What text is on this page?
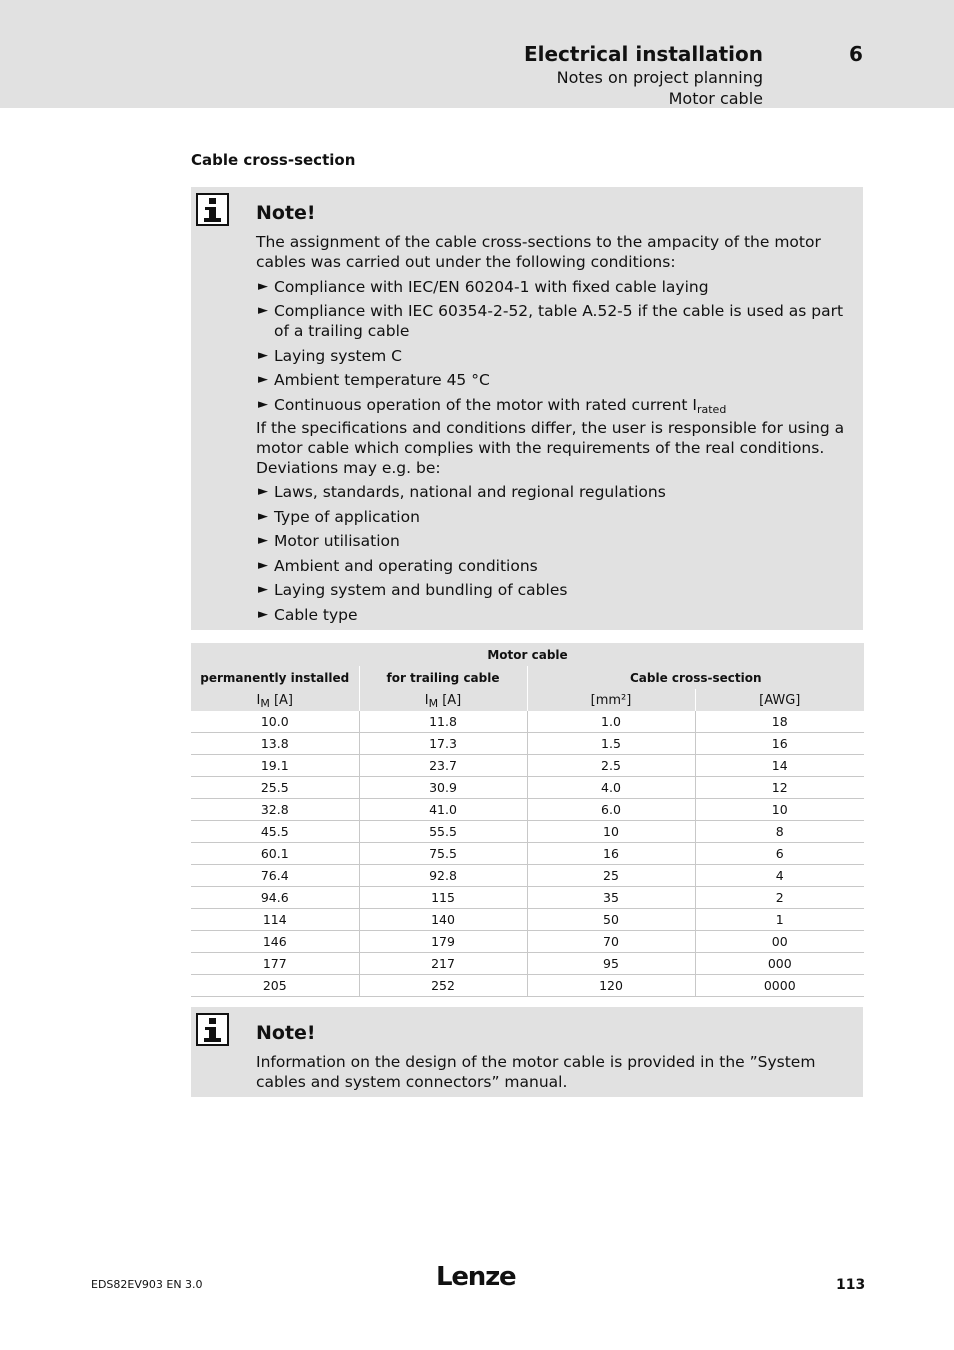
Electrical installation	6
Notes on project planning
Motor cable
Cable cross-section
Note!

The assignment of the cable cross-sections to the ampacity of the motor cables was carried out under the following conditions:

► Compliance with IEC/EN 60204-1 with fixed cable laying
► Compliance with IEC 60354-2-52, table A.52-5 if the cable is used as part of a trailing cable
► Laying system C
► Ambient temperature 45 °C
► Continuous operation of the motor with rated current $I_{rated}$

If the specifications and conditions differ, the user is responsible for using a motor cable which complies with the requirements of the real conditions. Deviations may e.g. be:

► Laws, standards, national and regional regulations
► Type of application
► Motor utilisation
► Ambient and operating conditions
► Laying system and bundling of cables
► Cable type
Motor cable			
permanently installed	for trailing cable	Cable cross-section	
$I_M$ [A]	$I_M$ [A]	[mm²]	[AWG]
10.0	11.8	1.0	18
13.8	17.3	1.5	16
19.1	23.7	2.5	14
25.5	30.9	4.0	12
32.8	41.0	6.0	10
45.5	55.5	10	8
60.1	75.5	16	6
76.4	92.8	25	4
94.6	115	35	2
114	140	50	1
146	179	70	00
177	217	95	000
205	252	120	0000
Note!
Information on the design of the motor cable is provided in the ”System cables and system connectors” manual.
EDS82EV903 EN 3.0	Lenze	113
